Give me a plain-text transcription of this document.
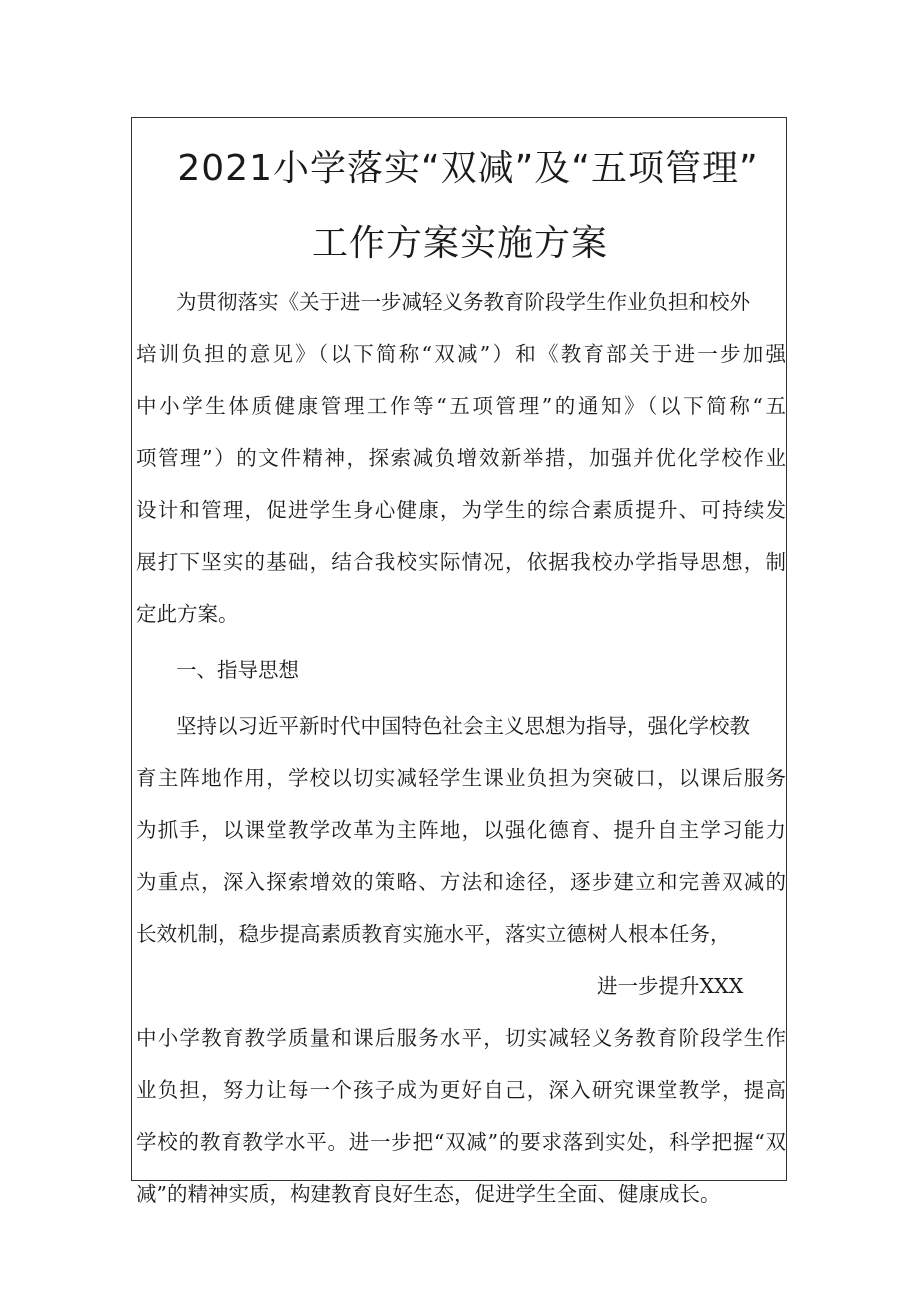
2021小学落实“双减”及“五项管理”
工作方案实施方案
为贯彻落实《关于进一步减轻义务教育阶段学生作业负担和校外
培训负担的意见》（以下简称“双减”）和《教育部关于进一步加强
中小学生体质健康管理工作等“五项管理”的通知》（以下简称“五
项管理”）的文件精神，探索减负增效新举措，加强并优化学校作业
设计和管理，促进学生身心健康，为学生的综合素质提升、可持续发
展打下坚实的基础，结合我校实际情况，依据我校办学指导思想，制
定此方案。
一、指导思想
坚持以习近平新时代中国特色社会主义思想为指导，强化学校教
育主阵地作用，学校以切实减轻学生课业负担为突破口，以课后服务
为抓手，以课堂教学改革为主阵地，以强化德育、提升自主学习能力
为重点，深入探索增效的策略、方法和途径，逐步建立和完善双减的
长效机制，稳步提高素质教育实施水平，落实立德树人根本任务，
进一步提升XXX
中小学教育教学质量和课后服务水平，切实减轻义务教育阶段学生作
业负担，努力让每一个孩子成为更好自己，深入研究课堂教学，提高
学校的教育教学水平。进一步把“双减”的要求落到实处，科学把握“双
减”的精神实质，构建教育良好生态，促进学生全面、健康成长。
